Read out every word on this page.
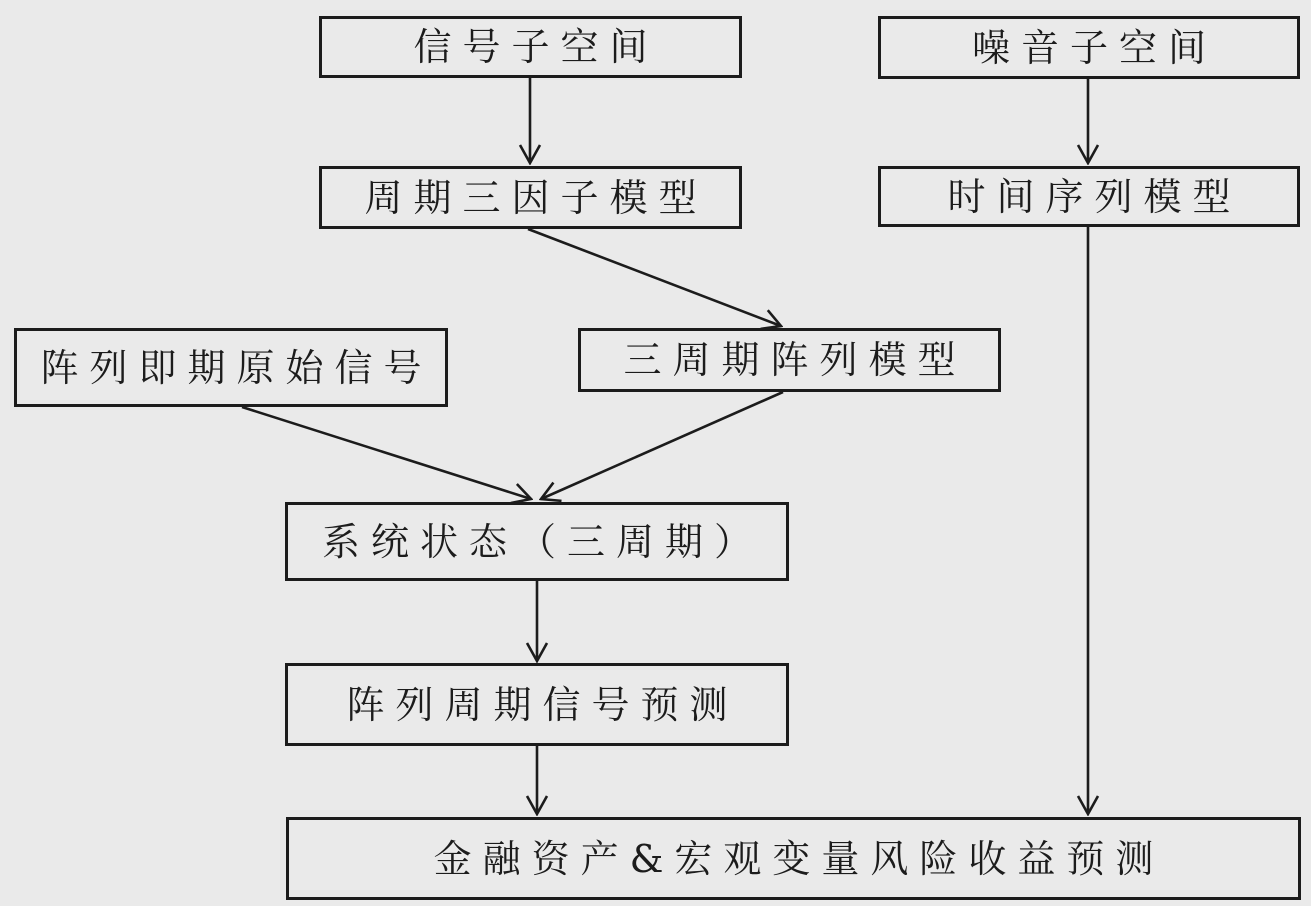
信号子空间	噪音子空间
周期三因子模型	时间序列模型
阵列即期原始信号	三周期阵列模型
系统状态（三周期）
阵列周期信号预测
金融资产&宏观变量风险收益预测
